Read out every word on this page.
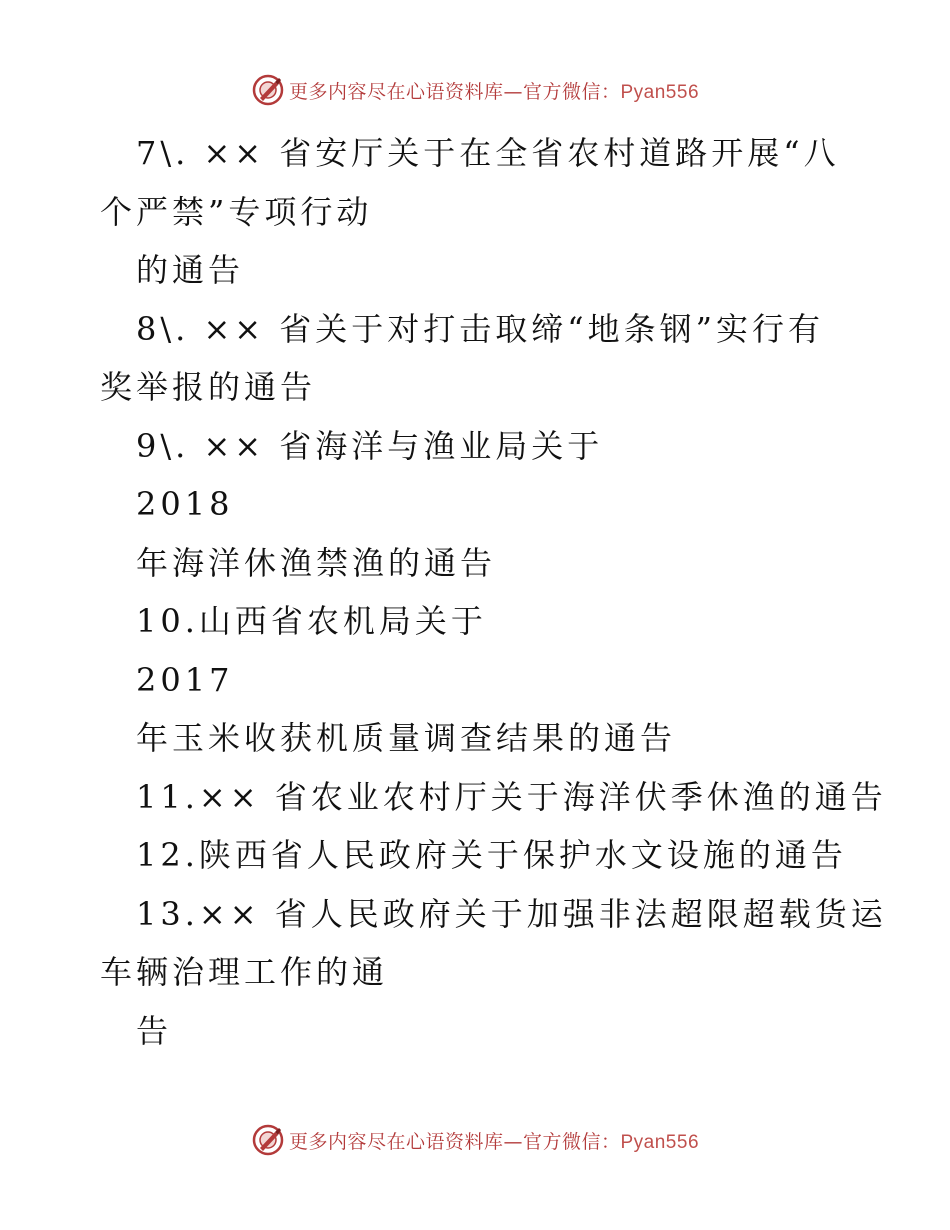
更多内容尽在心语资料库—官方微信：Pyan556
7\. ×× 省安厅关于在全省农村道路开展“八
个严禁”专项行动
的通告
8\. ×× 省关于对打击取缔“地条钢”实行有
奖举报的通告
9\. ×× 省海洋与渔业局关于
2018
年海洋休渔禁渔的通告
10.山西省农机局关于
2017
年玉米收获机质量调查结果的通告
11.×× 省农业农村厅关于海洋伏季休渔的通告
12.陕西省人民政府关于保护水文设施的通告
13.×× 省人民政府关于加强非法超限超载货运
车辆治理工作的通
告
更多内容尽在心语资料库—官方微信：Pyan556
